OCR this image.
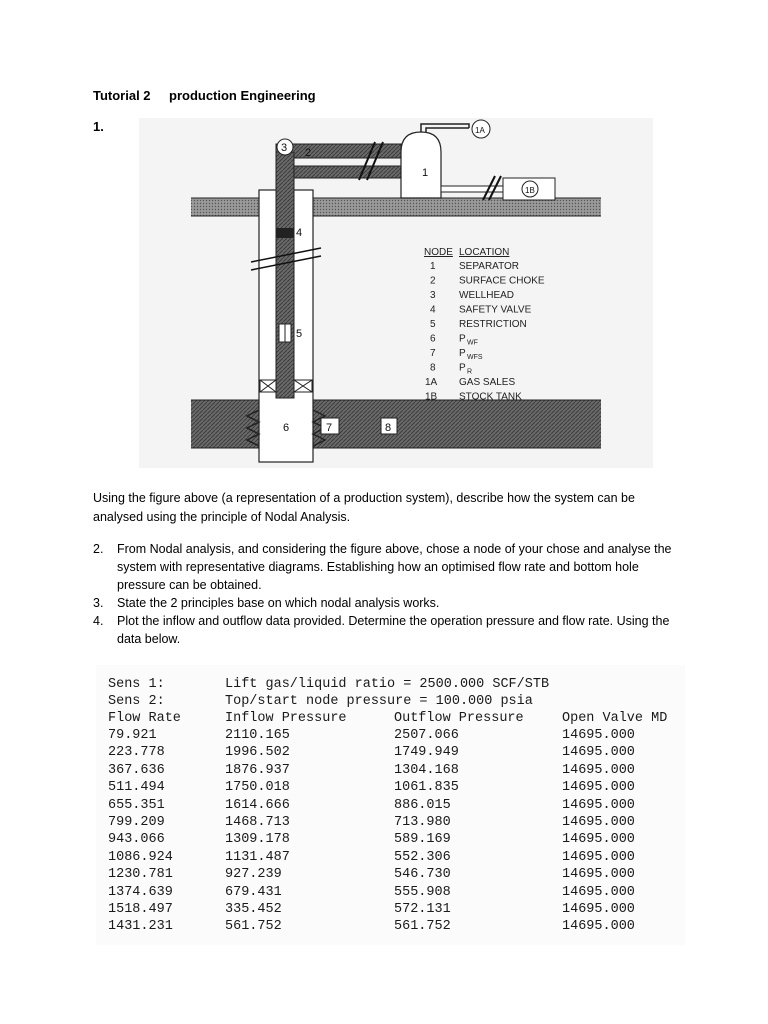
Tutorial 2 production Engineering
1.
1
1A
1B
2
3
4
5
6	7	8
NODE LOCATION
1 SEPARATOR
2 SURFACE CHOKE
3 WELLHEAD
4 SAFETY VALVE
5 RESTRICTION
6 P WF
7 P WFS
8 P R
1A GAS SALES
1B STOCK TANK
Using the figure above (a representation of a production system), describe how the system can be analysed using the principle of Nodal Analysis.
2. From Nodal analysis, and considering the figure above, chose a node of your chose and analyse the system with representative diagrams. Establishing how an optimised flow rate and bottom hole pressure can be obtained.
3. State the 2 principles base on which nodal analysis works.
4. Plot the inflow and outflow data provided. Determine the operation pressure and flow rate. Using the data below.
Sens 1:	Lift gas/liquid ratio = 2500.000 SCF/STB
Sens 2:	Top/start node pressure = 100.000 psia
Flow Rate	Inflow Pressure	Outflow Pressure	Open Valve MD
79.921	2110.165	2507.066	14695.000
223.778	1996.502	1749.949	14695.000
367.636	1876.937	1304.168	14695.000
511.494	1750.018	1061.835	14695.000
655.351	1614.666	886.015	14695.000
799.209	1468.713	713.980	14695.000
943.066	1309.178	589.169	14695.000
1086.924	1131.487	552.306	14695.000
1230.781	927.239	546.730	14695.000
1374.639	679.431	555.908	14695.000
1518.497	335.452	572.131	14695.000
1431.231	561.752	561.752	14695.000
